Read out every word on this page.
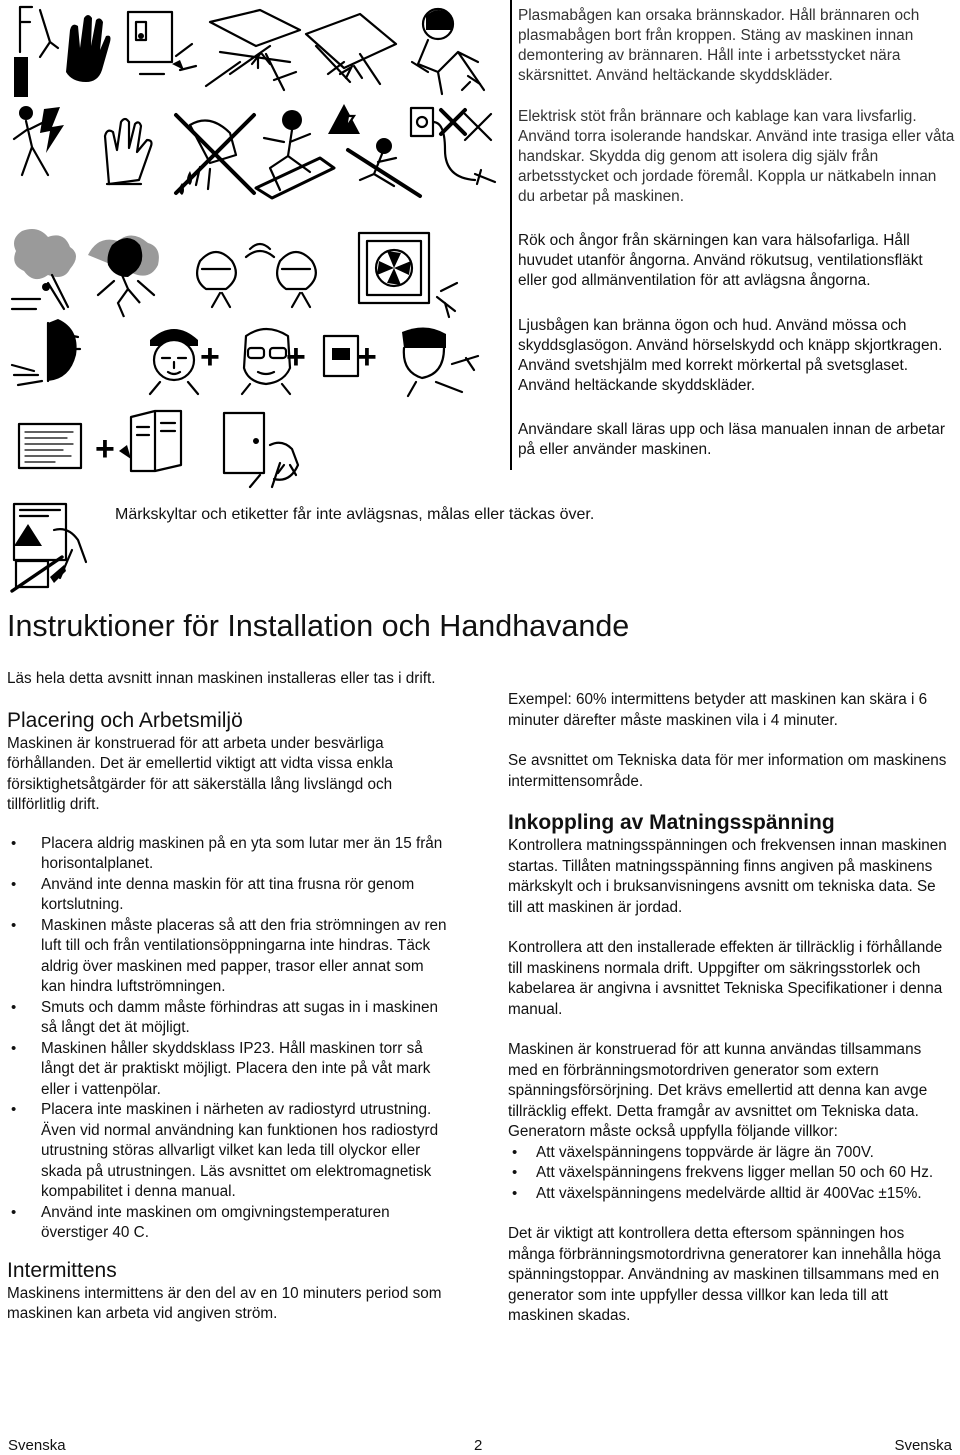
+ + +
+

Plasmabågen kan orsaka brännskador. Håll brännaren och plasmabågen bort från kroppen. Stäng av maskinen innan demontering av brännaren. Håll inte i arbetsstycket nära skärsnittet. Använd heltäckande skyddskläder.

Elektrisk stöt från brännare och kablage kan vara livsfarlig. Använd torra isolerande handskar. Använd inte trasiga eller våta handskar. Skydda dig genom att isolera dig själv från arbetsstycket och jordade föremål. Koppla ur nätkabeln innan du arbetar på maskinen.

Rök och ångor från skärningen kan vara hälsofarliga. Håll huvudet utanför ångorna. Använd rökutsug, ventilationsfläkt eller god allmänventilation för att avlägsna ångorna.

Ljusbågen kan bränna ögon och hud. Använd mössa och skyddsglasögon. Använd hörselskydd och knäpp skjortkragen. Använd svetshjälm med korrekt mörkertal på svetsglaset. Använd heltäckande skyddskläder.

Användare skall läras upp och läsa manualen innan de arbetar på eller använder maskinen.

Märkskyltar och etiketter får inte avlägsnas, målas eller täckas över.

Instruktioner för Installation och Handhavande

Läs hela detta avsnitt innan maskinen installeras eller tas i drift.

Placering och Arbetsmiljö

Maskinen är konstruerad för att arbeta under besvärliga förhållanden. Det är emellertid viktigt att vidta vissa enkla försiktighetsåtgärder för att säkerställa lång livslängd och tillförlitlig drift.

• Placera aldrig maskinen på en yta som lutar mer än 15 från horisontalplanet.
• Använd inte denna maskin för att tina frusna rör genom kortslutning.
• Maskinen måste placeras så att den fria strömningen av ren luft till och från ventilationsöppningarna inte hindras. Täck aldrig över maskinen med papper, trasor eller annat som kan hindra luftströmningen.
• Smuts och damm måste förhindras att sugas in i maskinen så långt det ät möjligt.
• Maskinen håller skyddsklass IP23. Håll maskinen torr så långt det är praktiskt möjligt. Placera den inte på våt mark eller i vattenpölar.
• Placera inte maskinen i närheten av radiostyrd utrustning. Även vid normal användning kan funktionen hos radiostyrd utrustning störas allvarligt vilket kan leda till olyckor eller skada på utrustningen. Läs avsnittet om elektromagnetisk kompabilitet i denna manual.
• Använd inte maskinen om omgivningstemperaturen överstiger 40 C.
Intermittens

Maskinens intermittens är den del av en 10 minuters period som maskinen kan arbeta vid angiven ström.

Exempel: 60% intermittens betyder att maskinen kan skära i 6 minuter därefter måste maskinen vila i 4 minuter.

Se avsnittet om Tekniska data för mer information om maskinens intermittensområde.

Inkoppling av Matningsspänning

Kontrollera matningsspänningen och frekvensen innan maskinen startas. Tillåten matningsspänning finns angiven på maskinens märkskylt och i bruksanvisningens avsnitt om tekniska data. Se till att maskinen är jordad.

Kontrollera att den installerade effekten är tillräcklig i förhållande till maskinens normala drift. Uppgifter om säkringsstorlek och kabelarea är angivna i avsnittet Tekniska Specifikationer i denna manual.

Maskinen är konstruerad för att kunna användas tillsammans med en förbränningsmotordriven generator som extern spänningsförsörjning. Det krävs emellertid att denna kan avge tillräcklig effekt. Detta framgår av avsnittet om Tekniska data. Generatorn måste också uppfylla följande villkor:

• Att växelspänningens toppvärde är lägre än 700V.
• Att växelspänningens frekvens ligger mellan 50 och 60 Hz.
• Att växelspänningens medelvärde alltid är 400Vac ±15%.

Det är viktigt att kontrollera detta eftersom spänningen hos många förbränningsmotordrivna generatorer kan innehålla höga spänningstoppar. Användning av maskinen tillsammans med en generator som inte uppfyller dessa villkor kan leda till att maskinen skadas.

Svenska	2	Svenska
